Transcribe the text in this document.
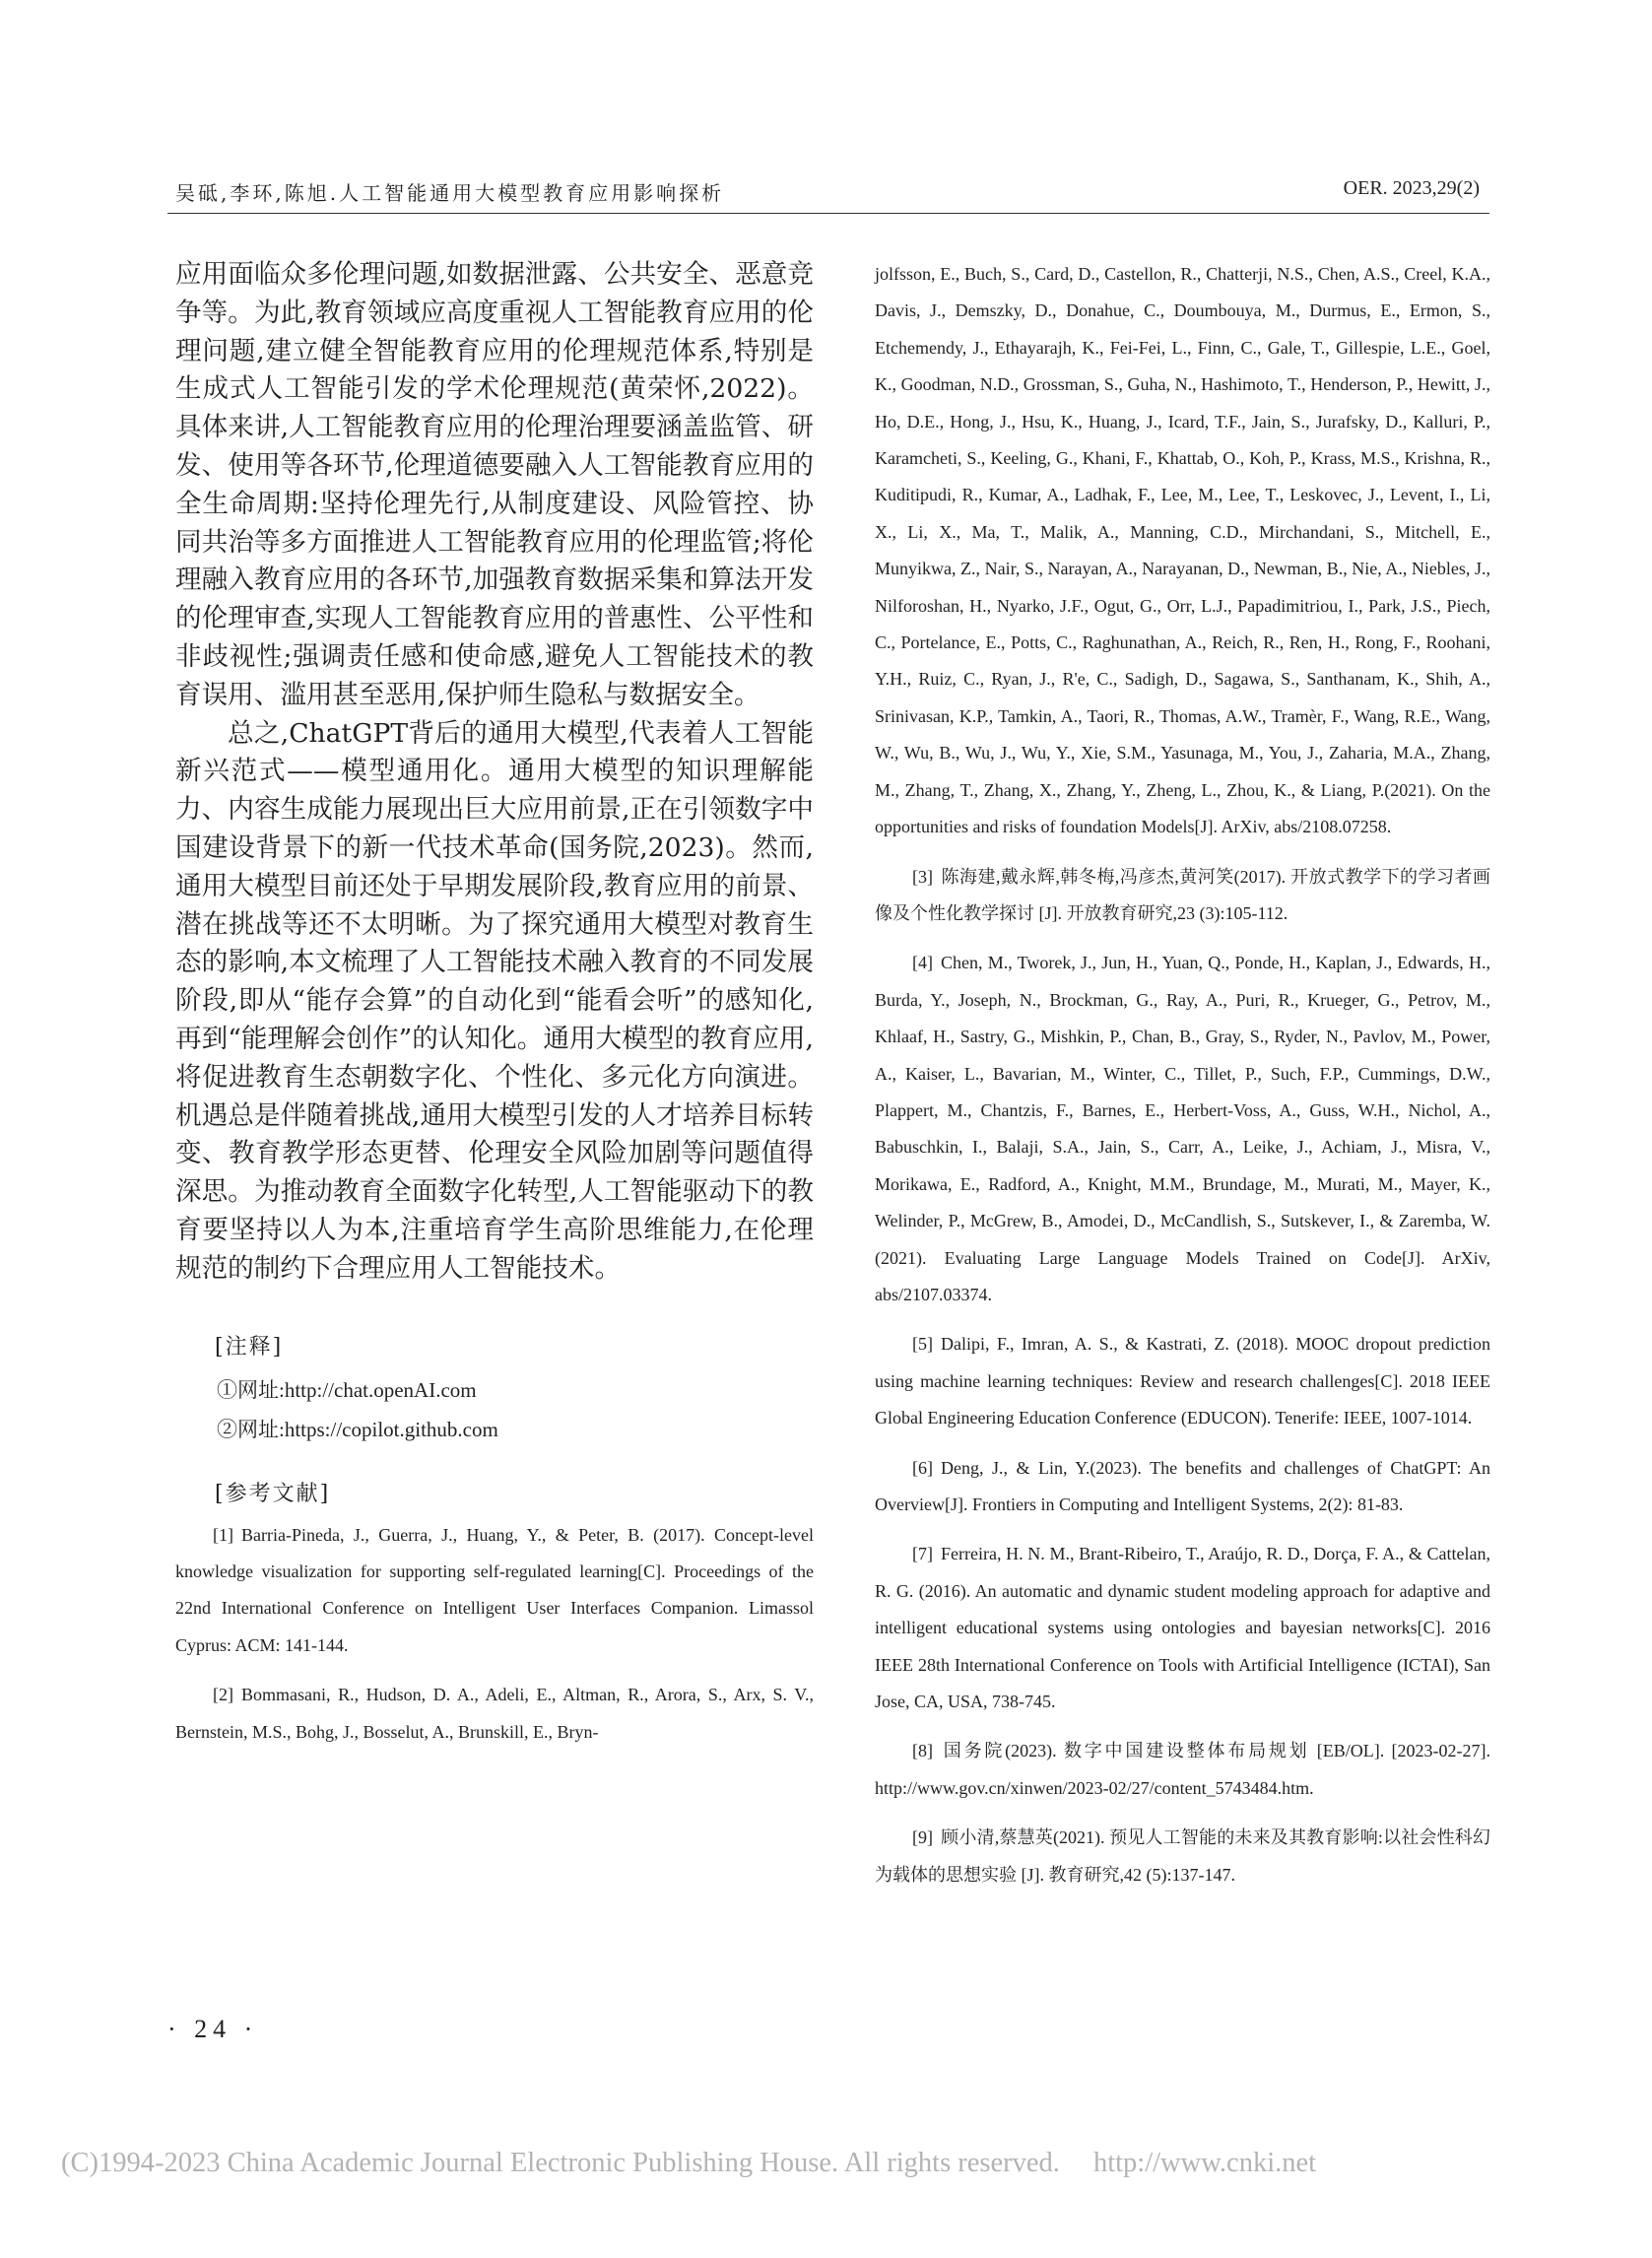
吴砥,李环,陈旭.人工智能通用大模型教育应用影响探析	OER. 2023,29(2)

应用面临众多伦理问题,如数据泄露、公共安全、恶意竞争等。为此,教育领域应高度重视人工智能教育应用的伦理问题,建立健全智能教育应用的伦理规范体系,特别是生成式人工智能引发的学术伦理规范(黄荣怀,2022)。具体来讲,人工智能教育应用的伦理治理要涵盖监管、研发、使用等各环节,伦理道德要融入人工智能教育应用的全生命周期:坚持伦理先行,从制度建设、风险管控、协同共治等多方面推进人工智能教育应用的伦理监管;将伦理融入教育应用的各环节,加强教育数据采集和算法开发的伦理审查,实现人工智能教育应用的普惠性、公平性和非歧视性;强调责任感和使命感,避免人工智能技术的教育误用、滥用甚至恶用,保护师生隐私与数据安全。

总之,ChatGPT背后的通用大模型,代表着人工智能新兴范式——模型通用化。通用大模型的知识理解能力、内容生成能力展现出巨大应用前景,正在引领数字中国建设背景下的新一代技术革命(国务院,2023)。然而,通用大模型目前还处于早期发展阶段,教育应用的前景、潜在挑战等还不太明晰。为了探究通用大模型对教育生态的影响,本文梳理了人工智能技术融入教育的不同发展阶段,即从“能存会算”的自动化到“能看会听”的感知化,再到“能理解会创作”的认知化。通用大模型的教育应用,将促进教育生态朝数字化、个性化、多元化方向演进。机遇总是伴随着挑战,通用大模型引发的人才培养目标转变、教育教学形态更替、伦理安全风险加剧等问题值得深思。为推动教育全面数字化转型,人工智能驱动下的教育要坚持以人为本,注重培育学生高阶思维能力,在伦理规范的制约下合理应用人工智能技术。

[注释]
①网址:http://chat.openAI.com
②网址:https://copilot.github.com
[参考文献]

[1] Barria-Pineda, J., Guerra, J., Huang, Y., & Peter, B. (2017). Concept-level knowledge visualization for supporting self-regulated learning[C]. Proceedings of the 22nd International Conference on Intelligent User Interfaces Companion. Limassol Cyprus: ACM: 141-144.

[2] Bommasani, R., Hudson, D. A., Adeli, E., Altman, R., Arora, S., Arx, S. V., Bernstein, M.S., Bohg, J., Bosselut, A., Brunskill, E., Bryn-

jolfsson, E., Buch, S., Card, D., Castellon, R., Chatterji, N.S., Chen, A.S., Creel, K.A., Davis, J., Demszky, D., Donahue, C., Doumbouya, M., Durmus, E., Ermon, S., Etchemendy, J., Ethayarajh, K., Fei-Fei, L., Finn, C., Gale, T., Gillespie, L.E., Goel, K., Goodman, N.D., Grossman, S., Guha, N., Hashimoto, T., Henderson, P., Hewitt, J., Ho, D.E., Hong, J., Hsu, K., Huang, J., Icard, T.F., Jain, S., Jurafsky, D., Kalluri, P., Karamcheti, S., Keeling, G., Khani, F., Khattab, O., Koh, P., Krass, M.S., Krishna, R., Kuditipudi, R., Kumar, A., Ladhak, F., Lee, M., Lee, T., Leskovec, J., Levent, I., Li, X., Li, X., Ma, T., Malik, A., Manning, C.D., Mirchandani, S., Mitchell, E., Munyikwa, Z., Nair, S., Narayan, A., Narayanan, D., Newman, B., Nie, A., Niebles, J., Nilforoshan, H., Nyarko, J.F., Ogut, G., Orr, L.J., Papadimitriou, I., Park, J.S., Piech, C., Portelance, E., Potts, C., Raghunathan, A., Reich, R., Ren, H., Rong, F., Roohani, Y.H., Ruiz, C., Ryan, J., R'e, C., Sadigh, D., Sagawa, S., Santhanam, K., Shih, A., Srinivasan, K.P., Tamkin, A., Taori, R., Thomas, A.W., Tramèr, F., Wang, R.E., Wang, W., Wu, B., Wu, J., Wu, Y., Xie, S.M., Yasunaga, M., You, J., Zaharia, M.A., Zhang, M., Zhang, T., Zhang, X., Zhang, Y., Zheng, L., Zhou, K., & Liang, P.(2021). On the opportunities and risks of foundation Models[J]. ArXiv, abs/2108.07258.

[3] 陈海建,戴永辉,韩冬梅,冯彦杰,黄河笑(2017). 开放式教学下的学习者画像及个性化教学探讨 [J]. 开放教育研究,23 (3):105-112.

[4] Chen, M., Tworek, J., Jun, H., Yuan, Q., Ponde, H., Kaplan, J., Edwards, H., Burda, Y., Joseph, N., Brockman, G., Ray, A., Puri, R., Krueger, G., Petrov, M., Khlaaf, H., Sastry, G., Mishkin, P., Chan, B., Gray, S., Ryder, N., Pavlov, M., Power, A., Kaiser, L., Bavarian, M., Winter, C., Tillet, P., Such, F.P., Cummings, D.W., Plappert, M., Chantzis, F., Barnes, E., Herbert-Voss, A., Guss, W.H., Nichol, A., Babuschkin, I., Balaji, S.A., Jain, S., Carr, A., Leike, J., Achiam, J., Misra, V., Morikawa, E., Radford, A., Knight, M.M., Brundage, M., Murati, M., Mayer, K., Welinder, P., McGrew, B., Amodei, D., McCandlish, S., Sutskever, I., & Zaremba, W.(2021). Evaluating Large Language Models Trained on Code[J]. ArXiv, abs/2107.03374.

[5] Dalipi, F., Imran, A. S., & Kastrati, Z. (2018). MOOC dropout prediction using machine learning techniques: Review and research challenges[C]. 2018 IEEE Global Engineering Education Conference (EDUCON). Tenerife: IEEE, 1007-1014.

[6] Deng, J., & Lin, Y.(2023). The benefits and challenges of ChatGPT: An Overview[J]. Frontiers in Computing and Intelligent Systems, 2(2): 81-83.

[7] Ferreira, H. N. M., Brant-Ribeiro, T., Araújo, R. D., Dorça, F. A., & Cattelan, R. G. (2016). An automatic and dynamic student modeling approach for adaptive and intelligent educational systems using ontologies and bayesian networks[C]. 2016 IEEE 28th International Conference on Tools with Artificial Intelligence (ICTAI), San Jose, CA, USA, 738-745.

[8] 国务院(2023). 数字中国建设整体布局规划 [EB/OL]. [2023-02-27]. http://www.gov.cn/xinwen/2023-02/27/content_5743484.htm.

[9] 顾小清,蔡慧英(2021). 预见人工智能的未来及其教育影响:以社会性科幻为载体的思想实验 [J]. 教育研究,42 (5):137-147.

· 24 ·
(C)1994-2023 China Academic Journal Electronic Publishing House. All rights reserved. http://www.cnki.net
